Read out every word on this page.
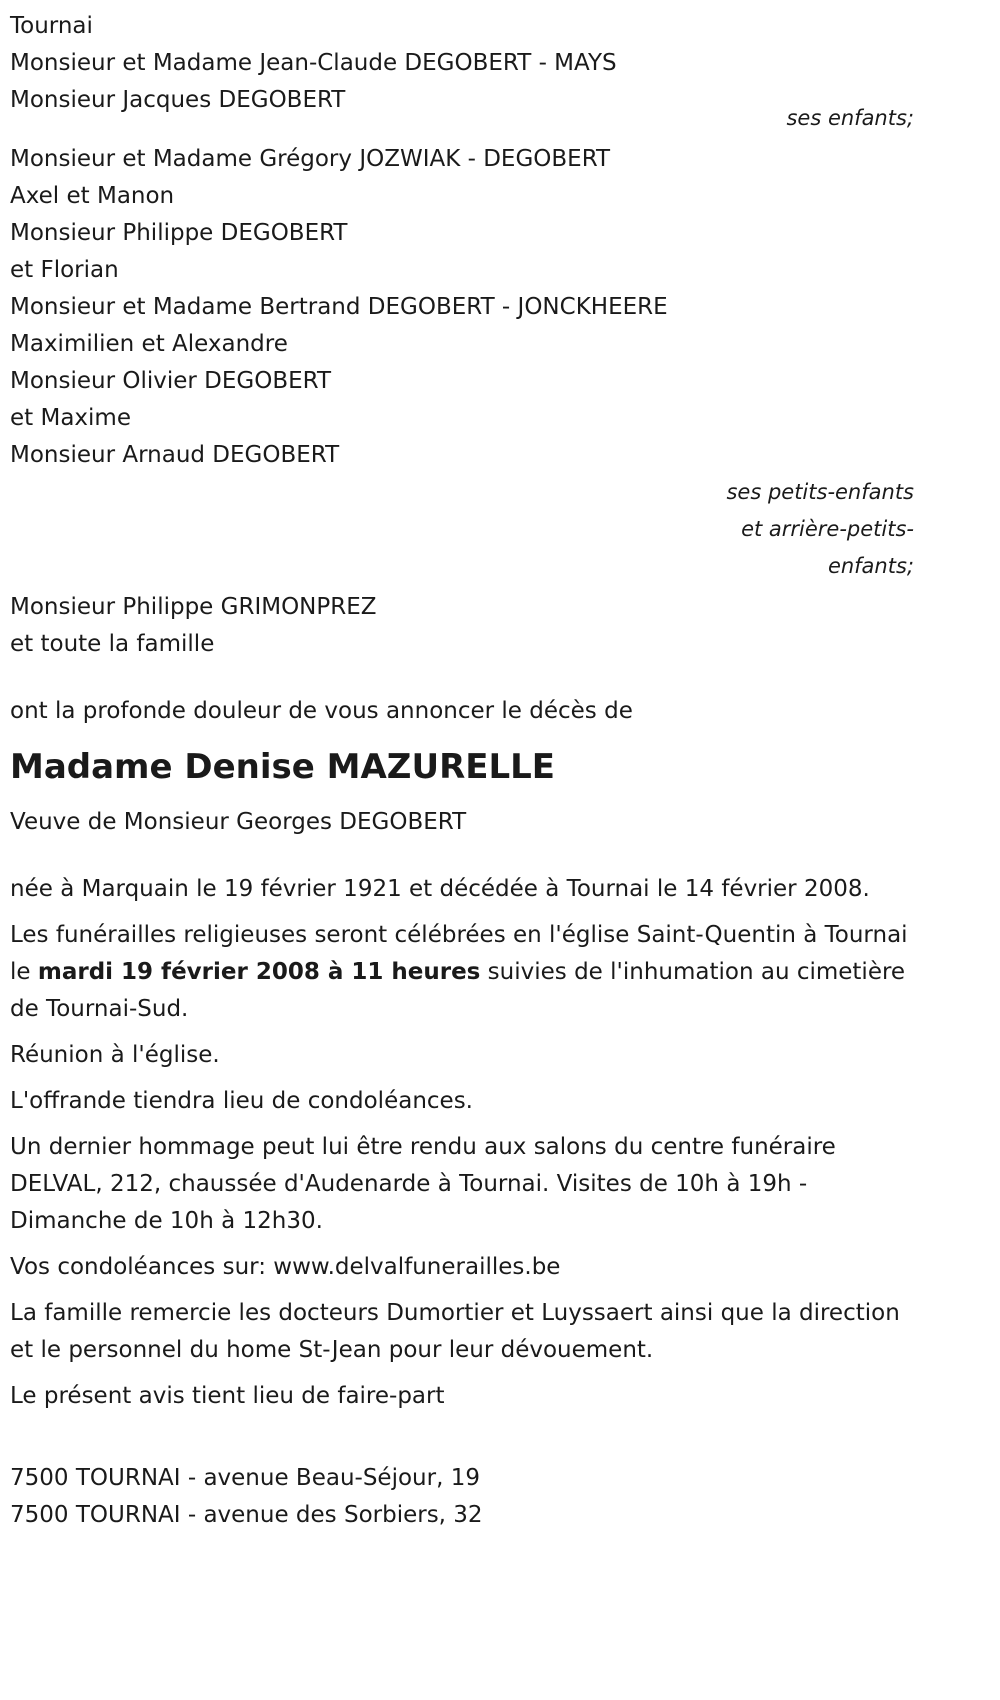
Tournai
Monsieur et Madame Jean-Claude DEGOBERT - MAYS
Monsieur Jacques DEGOBERT
ses enfants;
Monsieur et Madame Grégory JOZWIAK - DEGOBERT
Axel et Manon
Monsieur Philippe DEGOBERT
et Florian
Monsieur et Madame Bertrand DEGOBERT - JONCKHEERE
Maximilien et Alexandre
Monsieur Olivier DEGOBERT
et Maxime
Monsieur Arnaud DEGOBERT
ses petits-enfants
et arrière-petits-
enfants;
Monsieur Philippe GRIMONPREZ
et toute la famille
ont la profonde douleur de vous annoncer le décès de
Madame Denise MAZURELLE
Veuve de Monsieur Georges DEGOBERT

née à Marquain le 19 février 1921 et décédée à Tournai le 14 février 2008.

Les funérailles religieuses seront célébrées en l'église Saint-Quentin à Tournai le mardi 19 février 2008 à 11 heures suivies de l'inhumation au cimetière de Tournai-Sud.

Réunion à l'église.

L'offrande tiendra lieu de condoléances.

Un dernier hommage peut lui être rendu aux salons du centre funéraire DELVAL, 212, chaussée d'Audenarde à Tournai. Visites de 10h à 19h - Dimanche de 10h à 12h30.

Vos condoléances sur: www.delvalfunerailles.be

La famille remercie les docteurs Dumortier et Luyssaert ainsi que la direction et le personnel du home St-Jean pour leur dévouement.

Le présent avis tient lieu de faire-part

7500 TOURNAI - avenue Beau-Séjour, 19
7500 TOURNAI - avenue des Sorbiers, 32
